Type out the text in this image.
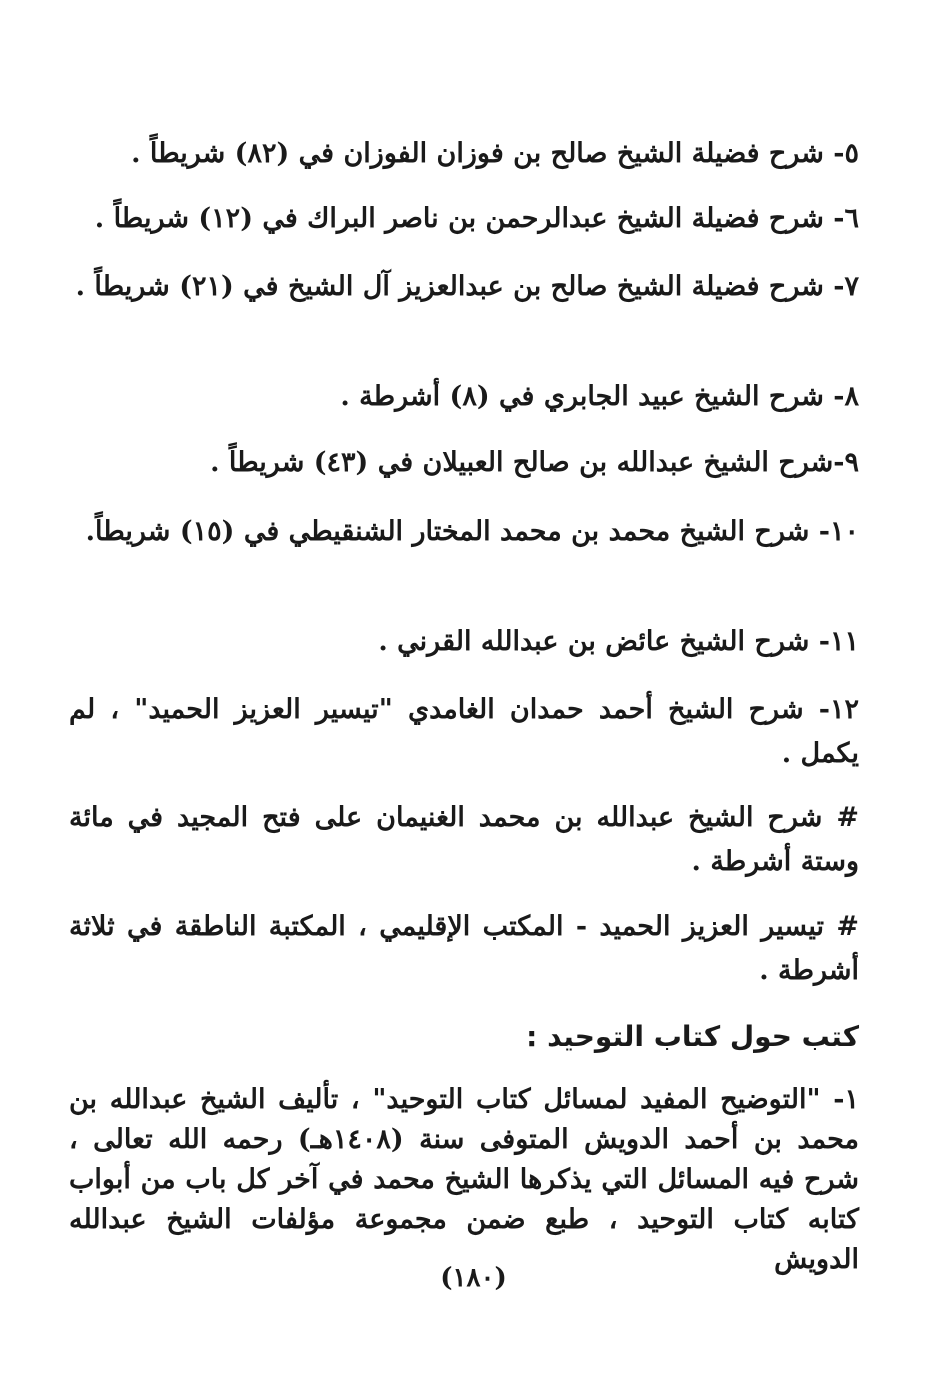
٥- شرح فضيلة الشيخ صالح بن فوزان الفوزان في (٨٢) شريطاً .
٦- شرح فضيلة الشيخ عبدالرحمن بن ناصر البراك في (١٢) شريطاً .
٧- شرح فضيلة الشيخ صالح بن عبدالعزيز آل الشيخ في (٢١) شريطاً .
٨- شرح الشيخ عبيد الجابري في (٨) أشرطة .
٩-شرح الشيخ عبدالله بن صالح العبيلان في (٤٣) شريطاً .
١٠- شرح الشيخ محمد بن محمد المختار الشنقيطي في (١٥) شريطاً.
١١- شرح الشيخ عائض بن عبدالله القرني .
١٢- شرح الشيخ أحمد حمدان الغامدي "تيسير العزيز الحميد" ، لم يكمل .
# شرح الشيخ عبدالله بن محمد الغنيمان على فتح المجيد في مائة وستة أشرطة .
# تيسير العزيز الحميد - المكتب الإقليمي ، المكتبة الناطقة في ثلاثة أشرطة .
كتب حول كتاب التوحيد :
١- "التوضيح المفيد لمسائل كتاب التوحيد" ، تأليف الشيخ عبدالله بن محمد بن أحمد الدويش المتوفى سنة (١٤٠٨هـ) رحمه الله تعالى ، شرح فيه المسائل التي يذكرها الشيخ محمد في آخر كل باب من أبواب كتابه كتاب التوحيد ، طبع ضمن مجموعة مؤلفات الشيخ عبدالله الدويش
(١٨٠)
